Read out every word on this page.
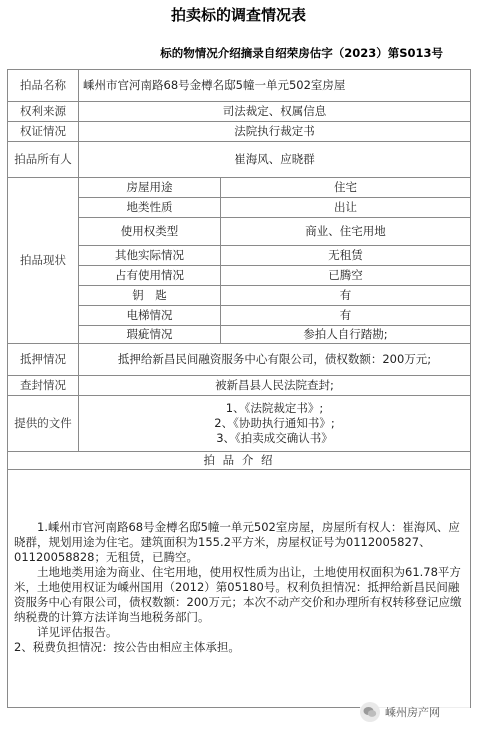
拍卖标的调查情况表
标的物情况介绍摘录自绍荣房估字（2023）第S013号
拍品名称	嵊州市官河南路68号金樽名邸5幢一单元502室房屋	
权利来源	司法裁定、权属信息	
权证情况	法院执行裁定书	
拍品所有人	崔海风、应晓群	
拍品现状	房屋用途	住宅
	地类性质	出让
	使用权类型	商业、住宅用地
	其他实际情况	无租赁
	占有使用情况	已腾空
	钥　匙	有
	电梯情况	有
	瑕疵情况	参拍人自行踏勘;
抵押情况	抵押给新昌民间融资服务中心有限公司，债权数额：200万元;	
查封情况	被新昌县人民法院查封;	
提供的文件	1、《法院裁定书》;
2、《协助执行通知书》;
3、《拍卖成交确认书》	

拍 品 介 绍		

1.嵊州市官河南路68号金樽名邸5幢一单元502室房屋，房屋所有权人：崔海风、应晓群，规划用途为住宅。建筑面积为155.2平方米，房屋权证号为0112005827、01120058828；无租赁，已腾空。

土地地类用途为商业、住宅用地，使用权性质为出让，土地使用权面积为61.78平方米，土地使用权证为嵊州国用（2012）第05180号。权利负担情况：抵押给新昌民间融资服务中心有限公司，债权数额：200万元；本次不动产交价和办理所有权转移登记应缴纳税费的计算方法详询当地税务部门。

详见评估报告。

2、税费负担情况：按公告由相应主体承担。		

嵊州房产网
